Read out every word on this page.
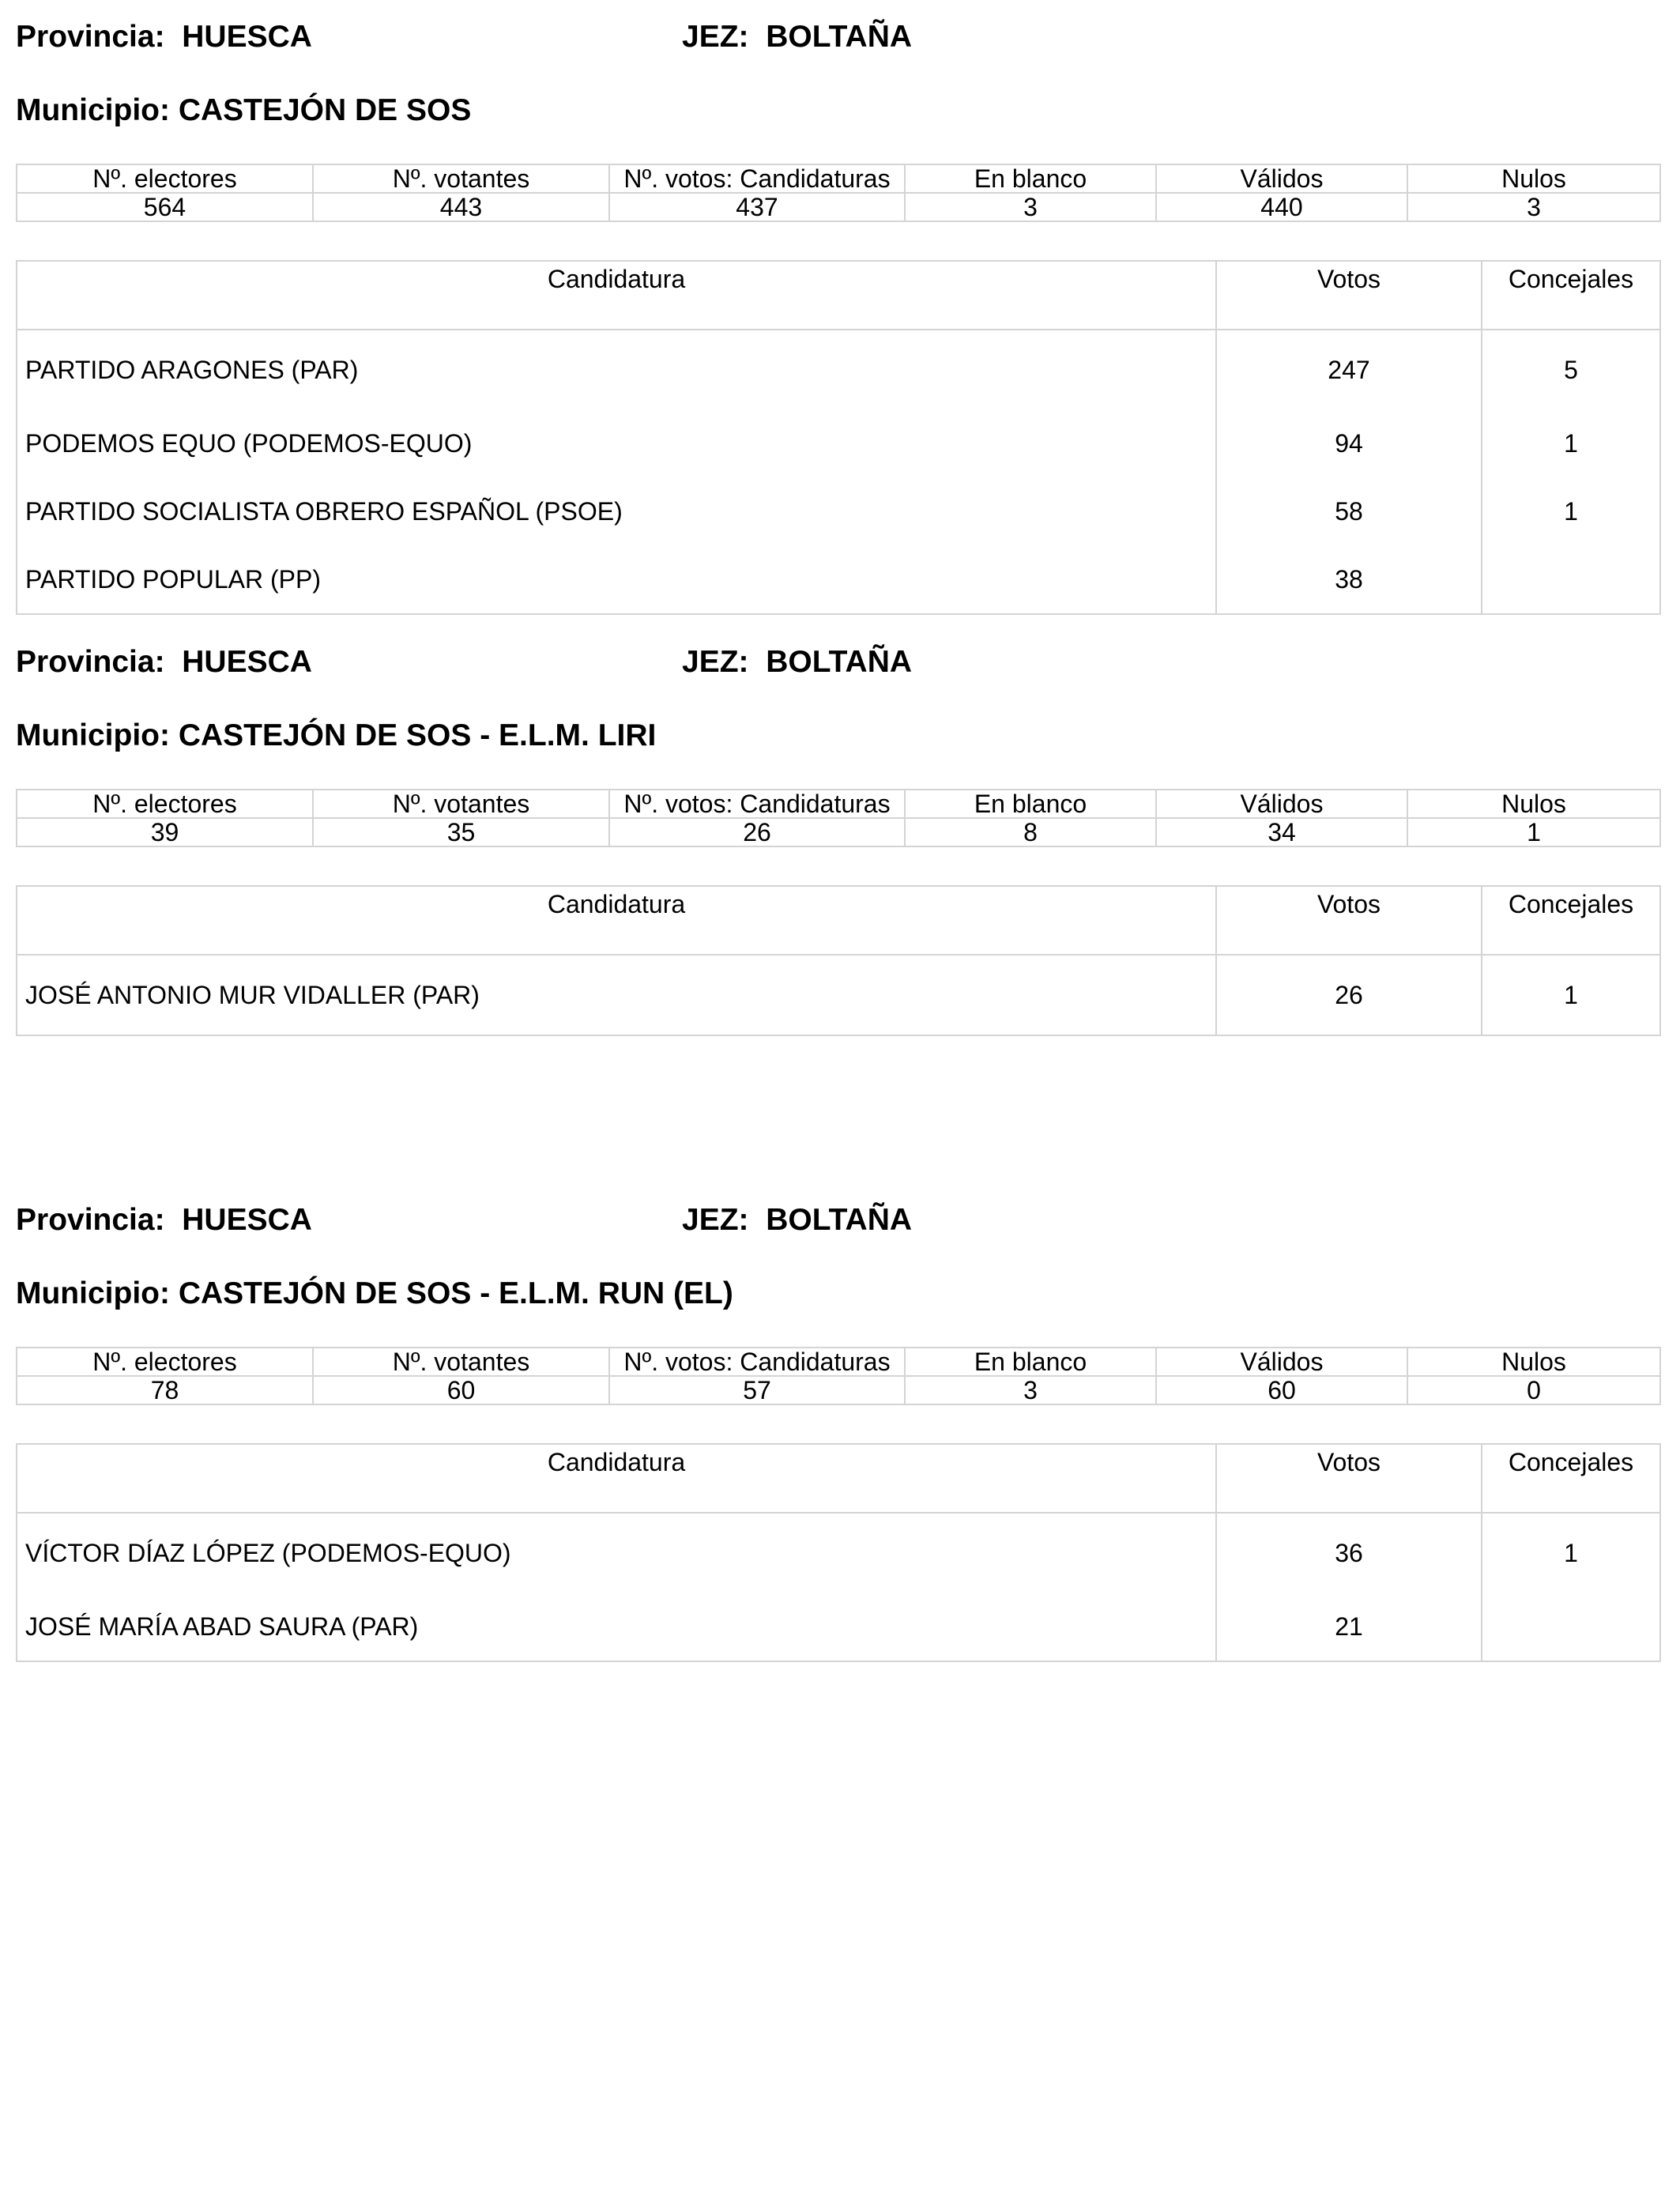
Provincia: HUESCA	JEZ: BOLTAÑA
Municipio: CASTEJÓN DE SOS
Nº. electores	Nº. votantes	Nº. votos: Candidaturas	En blanco	Válidos	Nulos
564	443	437	3	440	3
Candidatura	Votos	Concejales
PARTIDO ARAGONES (PAR)	247	5
PODEMOS EQUO (PODEMOS-EQUO)	94	1
PARTIDO SOCIALISTA OBRERO ESPAÑOL (PSOE)	58	1
PARTIDO POPULAR (PP)	38	
Provincia: HUESCA	JEZ: BOLTAÑA
Municipio: CASTEJÓN DE SOS - E.L.M. LIRI
Nº. electores	Nº. votantes	Nº. votos: Candidaturas	En blanco	Válidos	Nulos
39	35	26	8	34	1
Candidatura	Votos	Concejales
JOSÉ ANTONIO MUR VIDALLER (PAR)	26	1
Provincia: HUESCA	JEZ: BOLTAÑA
Municipio: CASTEJÓN DE SOS - E.L.M. RUN (EL)
Nº. electores	Nº. votantes	Nº. votos: Candidaturas	En blanco	Válidos	Nulos
78	60	57	3	60	0
Candidatura	Votos	Concejales
VÍCTOR DÍAZ LÓPEZ (PODEMOS-EQUO)	36	1
JOSÉ MARÍA ABAD SAURA (PAR)	21	
